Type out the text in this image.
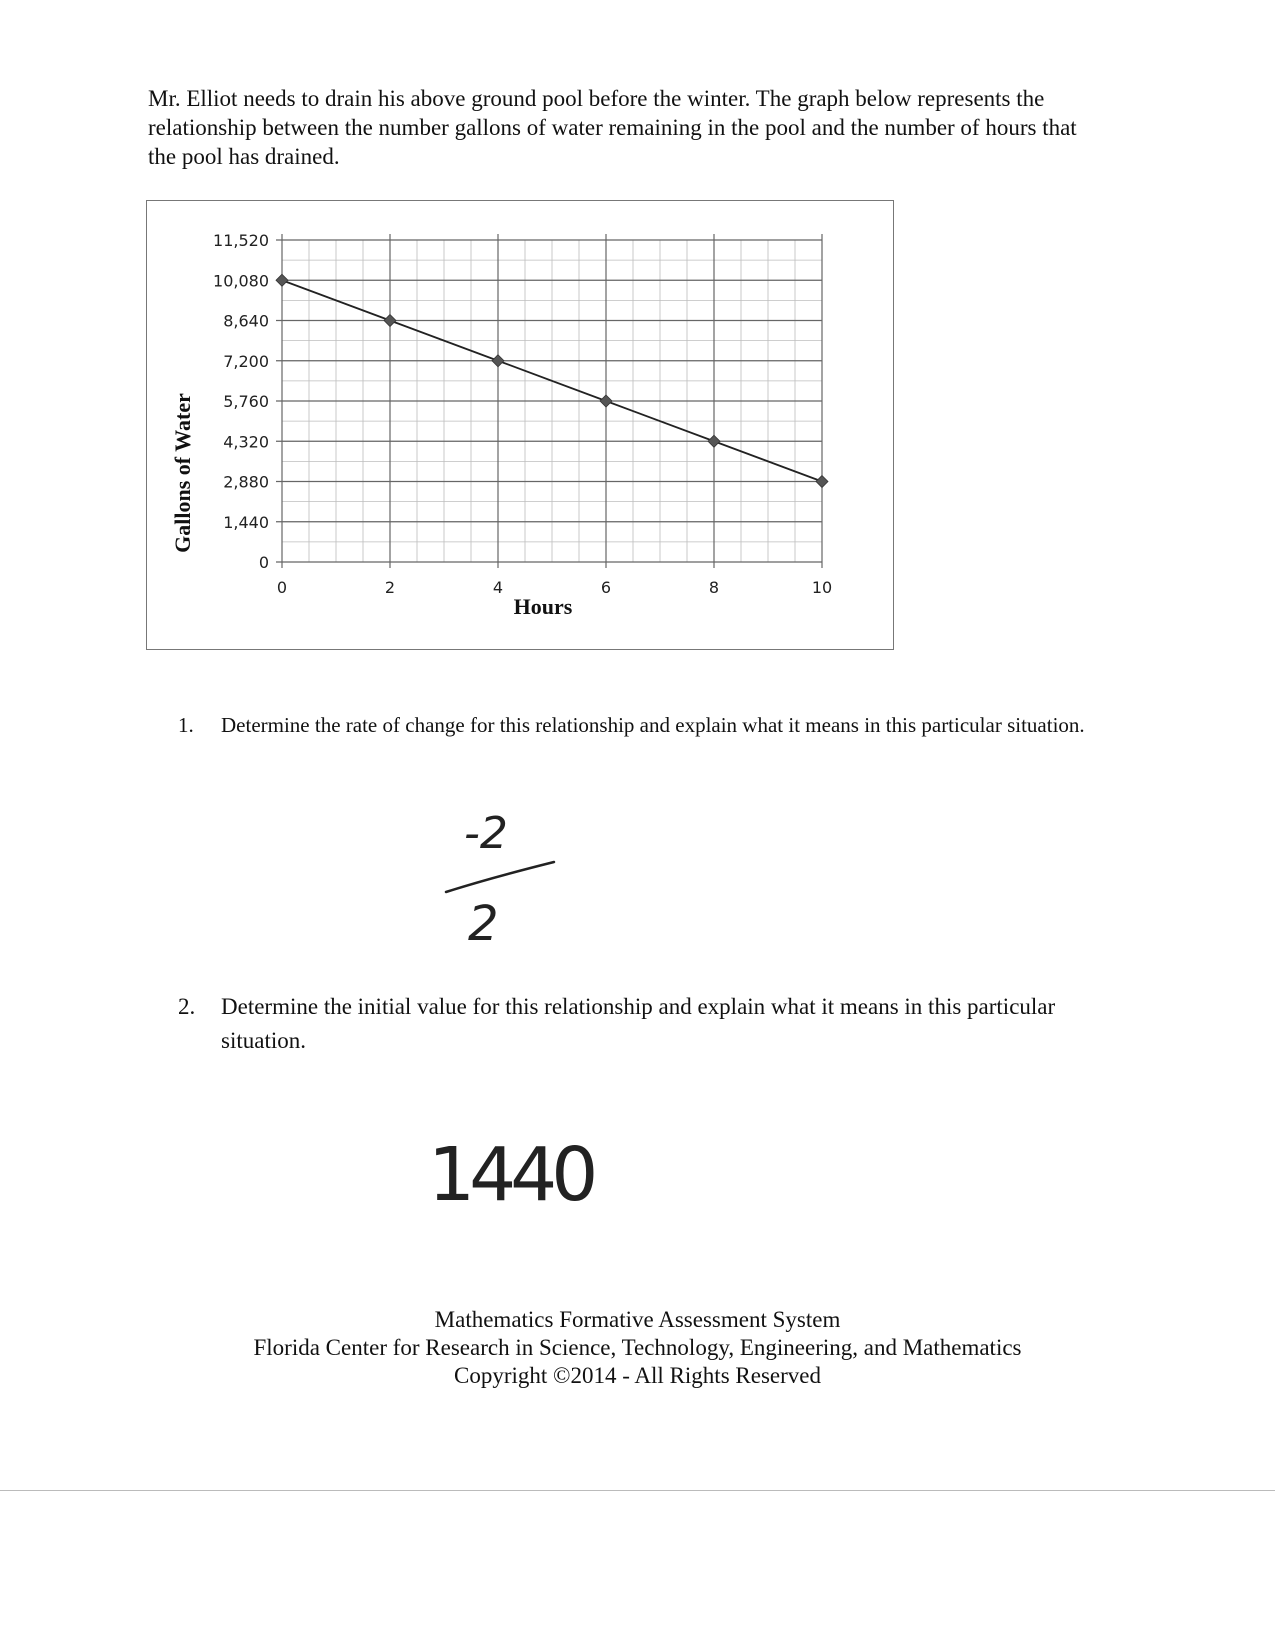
Mr. Elliot needs to drain his above ground pool before the winter. The graph below represents the relationship between the number gallons of water remaining in the pool and the number of hours that the pool has drained.

0	2	4	6	8	10
0
1,440
2,880
4,320
5,760
7,200
8,640
10,080
11,520
Hours
Gallons of Water
1.	Determine the rate of change for this relationship and explain what it means in this particular situation.
-2
2
2.	Determine the initial value for this relationship and explain what it means in this particular situation.
1440
Mathematics Formative Assessment System
Florida Center for Research in Science, Technology, Engineering, and Mathematics
Copyright ©2014 - All Rights Reserved
